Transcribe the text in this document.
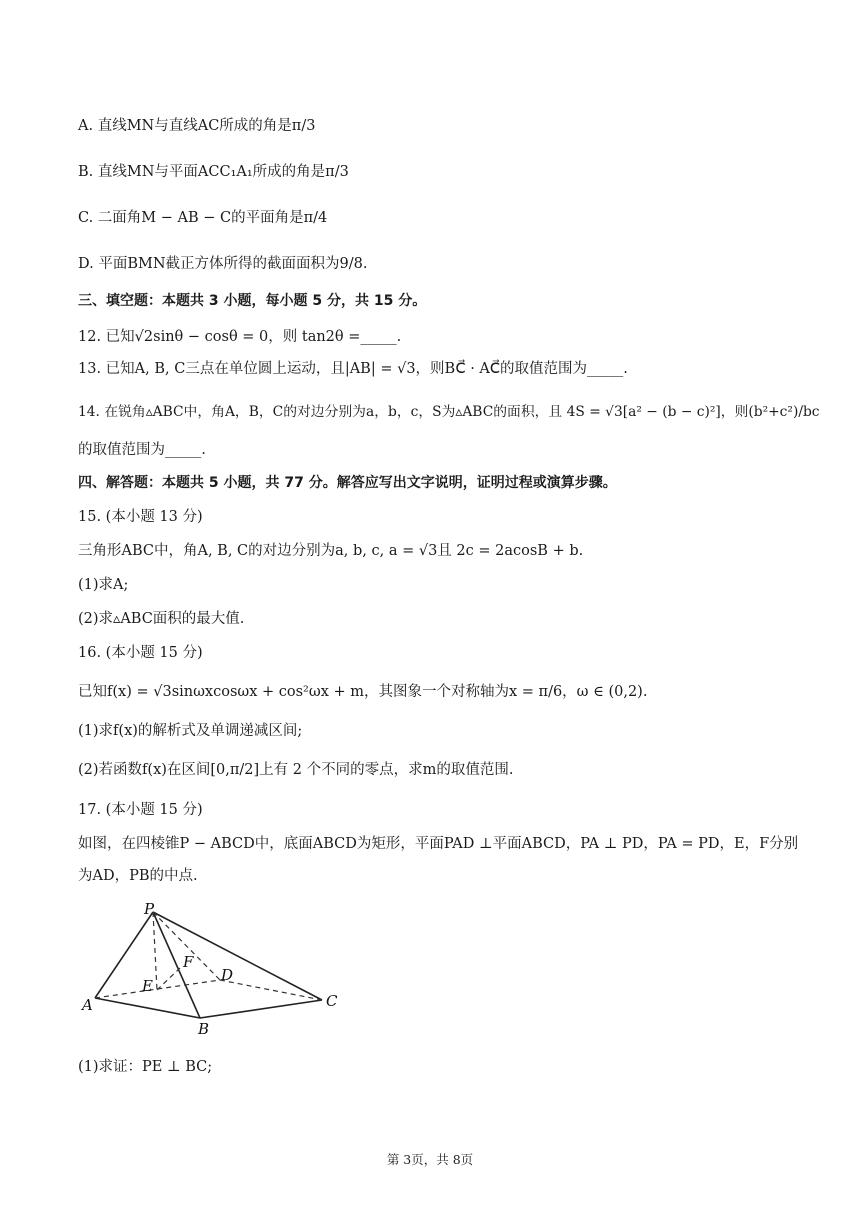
A. 直线MN与直线AC所成的角是π/3
B. 直线MN与平面ACC₁A₁所成的角是π/3
C. 二面角M − AB − C的平面角是π/4
D. 平面BMN截正方体所得的截面面积为9/8.
三、填空题：本题共 3 小题，每小题 5 分，共 15 分。
12. 已知√2sinθ − cosθ = 0，则 tan2θ =_____.
13. 已知A, B, C三点在单位圆上运动，且|AB| = √3，则BC⃗ · AC⃗的取值范围为_____.
14. 在锐角▵ABC中，角A，B，C的对边分别为a，b，c，S为▵ABC的面积，且 4S = √3[a² − (b − c)²]，则(b²+c²)/bc
的取值范围为_____.
四、解答题：本题共 5 小题，共 77 分。解答应写出文字说明，证明过程或演算步骤。
15. (本小题 13 分)
三角形ABC中，角A, B, C的对边分别为a, b, c, a = √3且 2c = 2acosB + b.
(1)求A;
(2)求▵ABC面积的最大值.
16. (本小题 15 分)
已知f(x) = √3sinωxcosωx + cos²ωx + m，其图象一个对称轴为x = π/6，ω ∈ (0,2).
(1)求f(x)的解析式及单调递减区间;
(2)若函数f(x)在区间[0,π/2]上有 2 个不同的零点，求m的取值范围.
17. (本小题 15 分)
如图，在四棱锥P − ABCD中，底面ABCD为矩形，平面PAD ⊥平面ABCD，PA ⊥ PD，PA = PD，E，F分别
为AD，PB的中点.
P
A
B
C
D
E
F
(1)求证：PE ⊥ BC;
第 3页，共 8页
